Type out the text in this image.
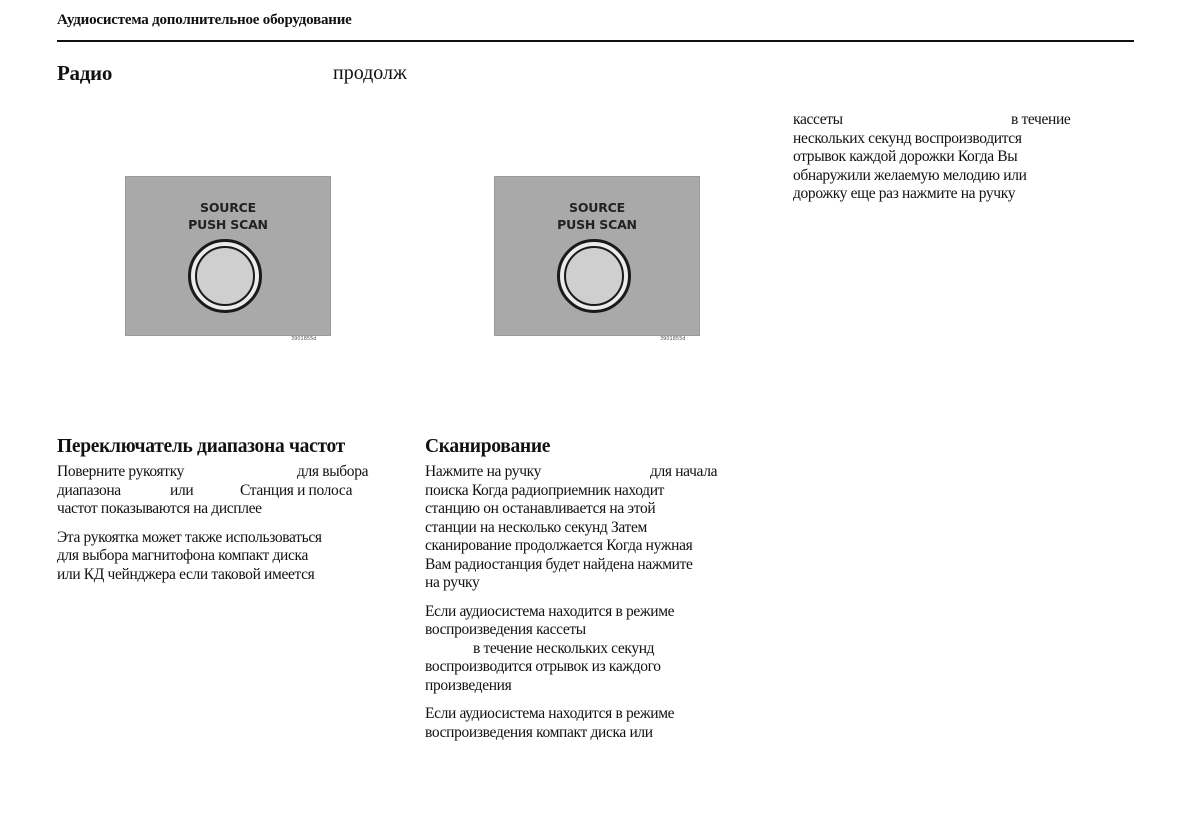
Аудиосистема дополнительное оборудование
Радио	продолж
SOURCE
PUSH SCAN
3901855d
SOURCE
PUSH SCAN
3901855d
кассеты	в течение
нескольких секунд воспроизводится
отрывок каждой дорожки Когда Вы
обнаружили желаемую мелодию или
дорожку еще раз нажмите на ручку
Переключатель диапазона частот
Поверните рукоятку	для выбора
диапазона	или	Станция и полоса
частот показываются на дисплее
Эта рукоятка может также использоваться
для выбора магнитофона компакт диска
или КД чейнджера если таковой имеется
Сканирование
Нажмите на ручку	для начала
поиска Когда радиоприемник находит
станцию он останавливается на этой
станции на несколько секунд Затем
сканирование продолжается Когда нужная
Вам радиостанция будет найдена нажмите
на ручку
Если аудиосистема находится в режиме
воспроизведения кассеты
в течение нескольких секунд
воспроизводится отрывок из каждого
произведения
Если аудиосистема находится в режиме
воспроизведения компакт диска или
